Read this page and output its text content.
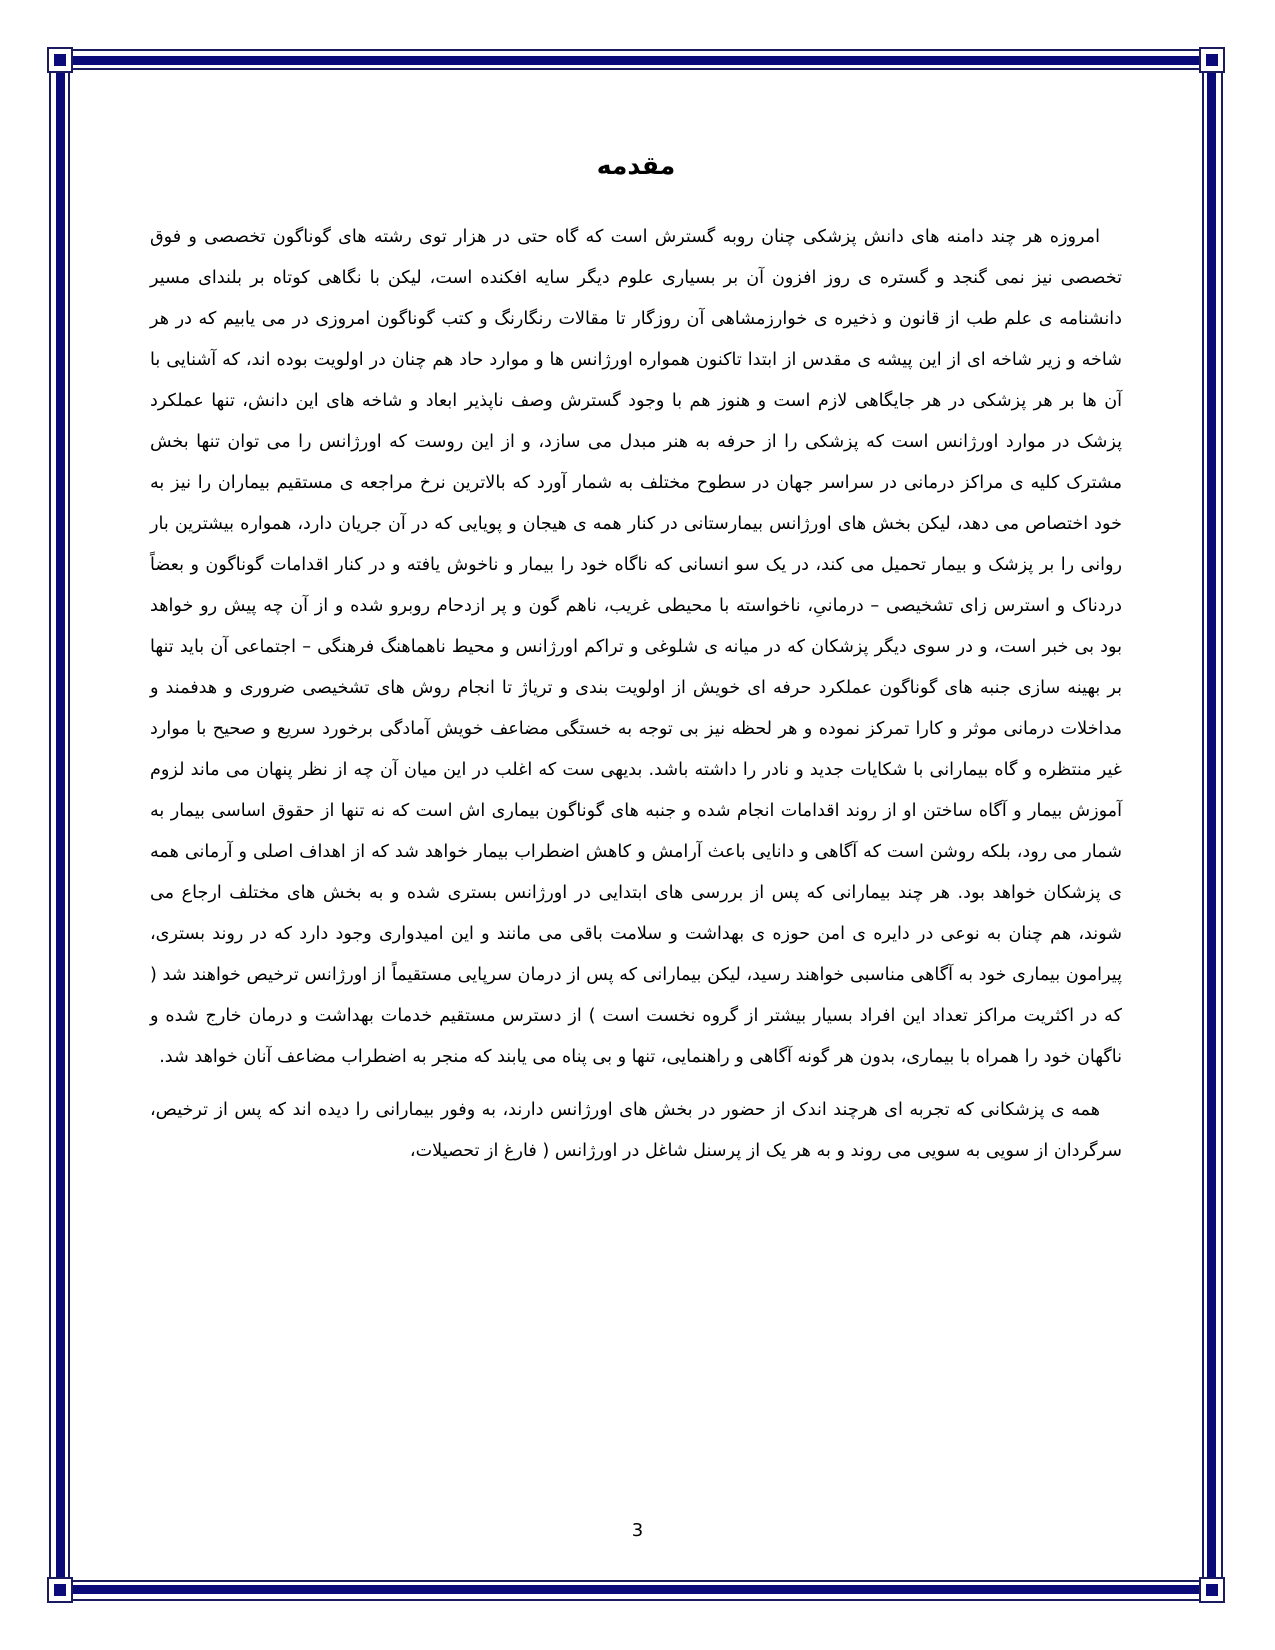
مقدمه

امروزه هر چند دامنه های دانش پزشکی چنان روبه گسترش است که گاه حتی در هزار توی رشته های گوناگون تخصصی و فوق تخصصی نیز نمی گنجد و گستره ی روز افزون آن بر بسیاری علوم دیگر سایه افکنده است، لیکن با نگاهی کوتاه بر بلندای مسیر دانشنامه ی علم طب از قانون و ذخیره ی خوارزمشاهی آن روزگار تا مقالات رنگارنگ و کتب گوناگون امروزی در می یابیم که در هر شاخه و زیر شاخه ای از این پیشه ی مقدس از ابتدا تاکنون همواره اورژانس ها و موارد حاد هم چنان در اولویت بوده اند، که آشنایی با آن ها بر هر پزشکی در هر جایگاهی لازم است و هنوز هم با وجود گسترش وصف ناپذیر ابعاد و شاخه های این دانش، تنها عملکرد پزشک در موارد اورژانس است که پزشکی را از حرفه به هنر مبدل می سازد، و از این روست که اورژانس را می توان تنها بخش مشترک کلیه ی مراکز درمانی در سراسر جهان در سطوح مختلف به شمار آورد که بالاترین نرخ مراجعه ی مستقیم بیماران را نیز به خود اختصاص می دهد، لیکن بخش های اورژانس بیمارستانی در کنار همه ی هیجان و پویایی که در آن جریان دارد، همواره بیشترین بار روانی را بر پزشک و بیمار تحمیل می کند، در یک سو انسانی که ناگاه خود را بیمار و ناخوش یافته و در کنار اقدامات گوناگون و بعضاً دردناک و استرس زای تشخیصی – درمانیِ، ناخواسته با محیطی غریب، ناهم گون و پر ازدحام روبرو شده و از آن چه پیش رو خواهد بود بی خبر است، و در سوی دیگر پزشکان که در میانه ی شلوغی و تراکم اورژانس و محیط ناهماهنگ فرهنگی – اجتماعی آن باید تنها بر بهینه سازی جنبه های گوناگون عملکرد حرفه ای خویش از اولویت بندی و تریاژ تا انجام روش های تشخیصی ضروری و هدفمند و مداخلات درمانی موثر و کارا تمرکز نموده و هر لحظه نیز بی توجه به خستگی مضاعف خویش آمادگی برخورد سریع و صحیح با موارد غیر منتظره و گاه بیمارانی با شکایات جدید و نادر را داشته باشد. بدیهی ست که اغلب در این میان آن چه از نظر پنهان می ماند لزوم آموزش بیمار و آگاه ساختن او از روند اقدامات انجام شده و جنبه های گوناگون بیماری اش است که نه تنها از حقوق اساسی بیمار به شمار می رود، بلکه روشن است که آگاهی و دانایی باعث آرامش و کاهش اضطراب بیمار خواهد شد که از اهداف اصلی و آرمانی همه ی پزشکان خواهد بود. هر چند بیمارانی که پس از بررسی های ابتدایی در اورژانس بستری شده و به بخش های مختلف ارجاع می شوند، هم چنان به نوعی در دایره ی امن حوزه ی بهداشت و سلامت باقی می مانند و این امیدواری وجود دارد که در روند بستری، پیرامون بیماری خود به آگاهی مناسبی خواهند رسید، لیکن بیمارانی که پس از درمان سرپایی مستقیماً از اورژانس ترخیص خواهند شد ( که در اکثریت مراکز تعداد این افراد بسیار بیشتر از گروه نخست است ) از دسترس مستقیم خدمات بهداشت و درمان خارج شده و ناگهان خود را همراه با بیماری، بدون هر گونه آگاهی و راهنمایی، تنها و بی پناه می یابند که منجر به اضطراب مضاعف آنان خواهد شد.

همه ی پزشکانی که تجربه ای هرچند اندک از حضور در بخش های اورژانس دارند، به وفور بیمارانی را دیده اند که پس از ترخیص، سرگردان از سویی به سویی می روند و به هر یک از پرسنل شاغل در اورژانس ( فارغ از تحصیلات،

3
